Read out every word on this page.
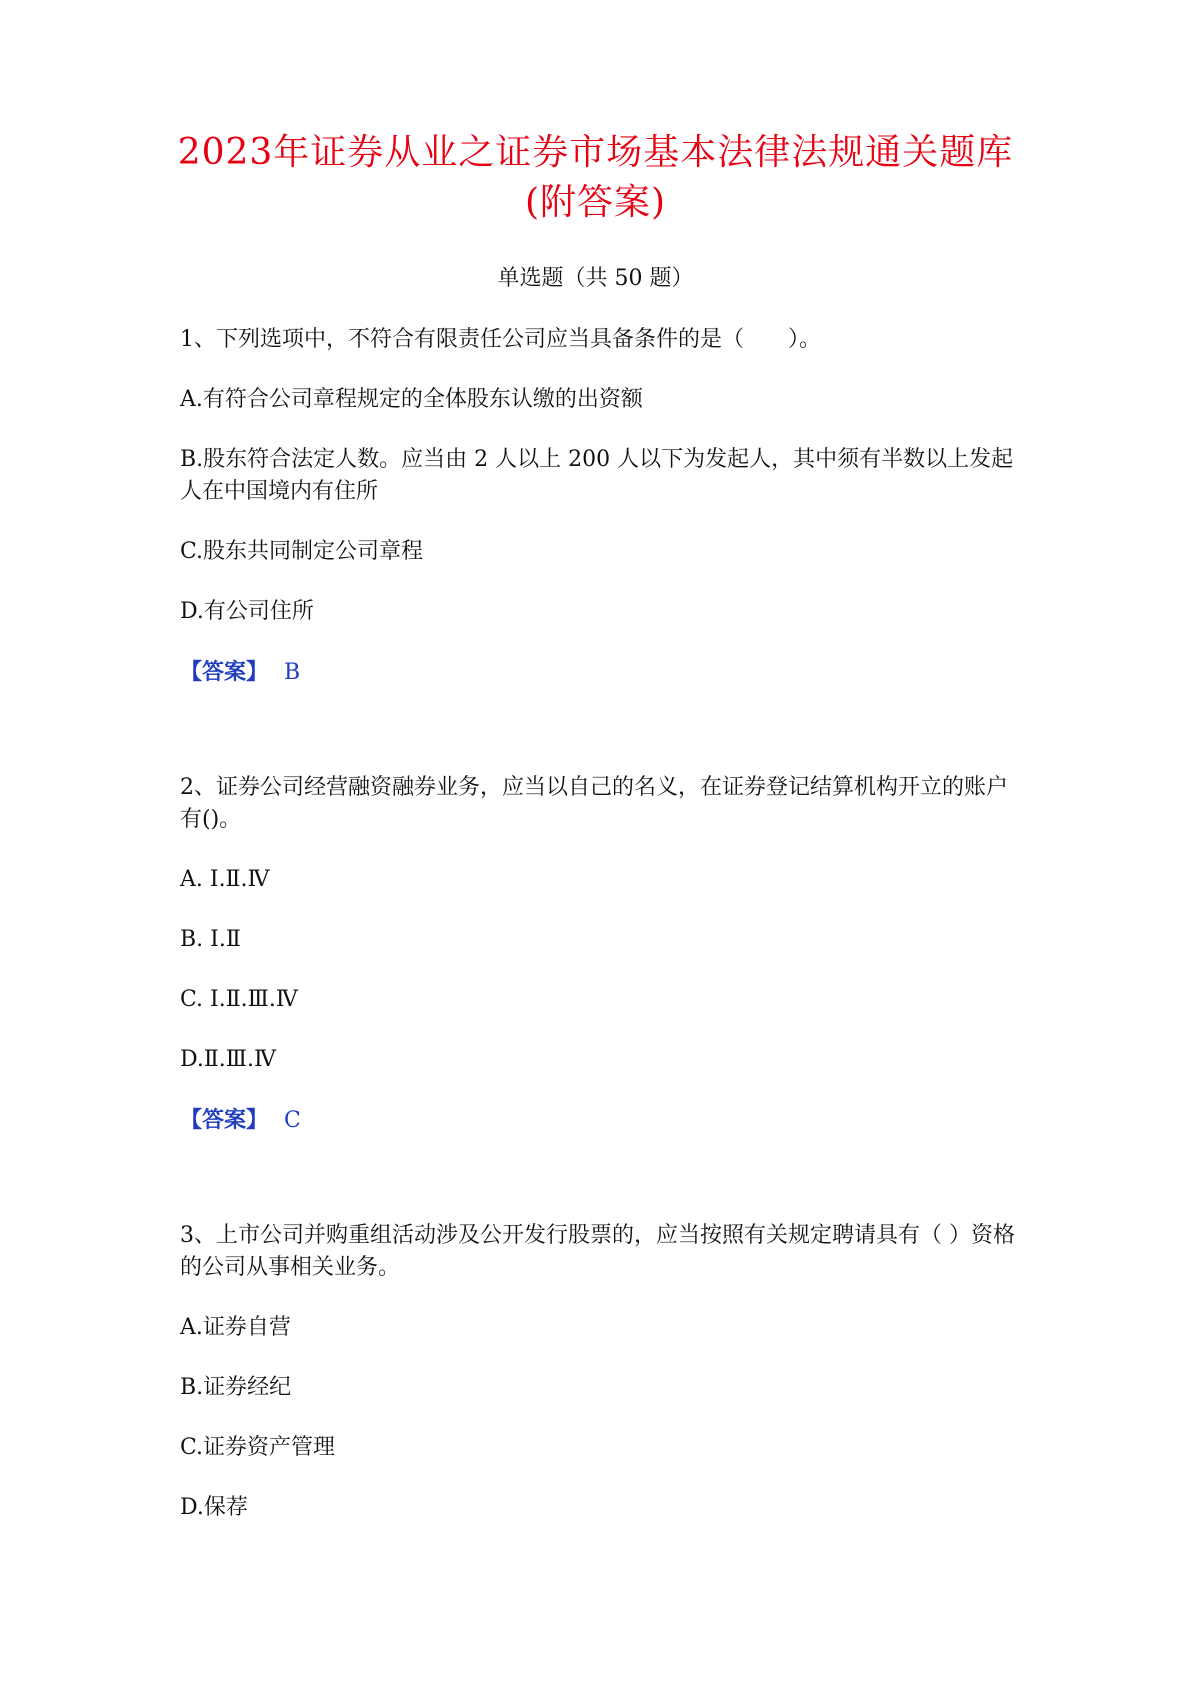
2023年证券从业之证券市场基本法律法规通关题库
(附答案)

单选题（共 50 题）

1、下列选项中，不符合有限责任公司应当具备条件的是（　　）。

A.有符合公司章程规定的全体股东认缴的出资额

B.股东符合法定人数。应当由 2 人以上 200 人以下为发起人，其中须有半数以上发起人在中国境内有住所

C.股东共同制定公司章程

D.有公司住所

【答案】 B

2、证券公司经营融资融券业务，应当以自己的名义，在证券登记结算机构开立的账户有()。

A. Ⅰ.Ⅱ.Ⅳ

B. Ⅰ.Ⅱ

C. Ⅰ.Ⅱ.Ⅲ.Ⅳ

D.Ⅱ.Ⅲ.Ⅳ

【答案】 C

3、上市公司并购重组活动涉及公开发行股票的，应当按照有关规定聘请具有（ ）资格的公司从事相关业务。

A.证券自营

B.证券经纪

C.证券资产管理

D.保荐
